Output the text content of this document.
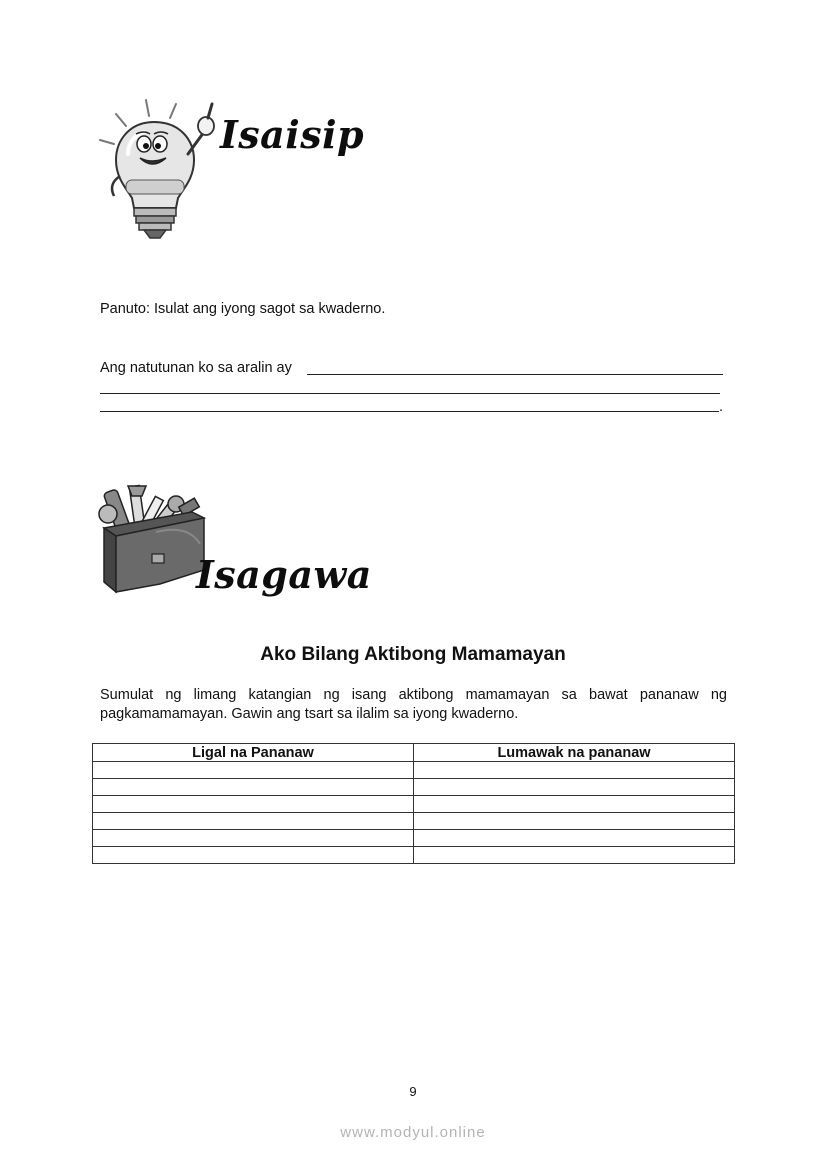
Isaisip
Panuto: Isulat ang iyong sagot sa kwaderno.
Ang natutunan ko sa aralin ay
.
Isagawa
Ako Bilang Aktibong Mamamayan
Sumulat ng limang katangian ng isang aktibong mamamayan sa bawat pananaw ng pagkamamamayan. Gawin ang tsart sa ilalim sa iyong kwaderno.
Ligal na Pananaw	Lumawak na pananaw

9
www.modyul.online
